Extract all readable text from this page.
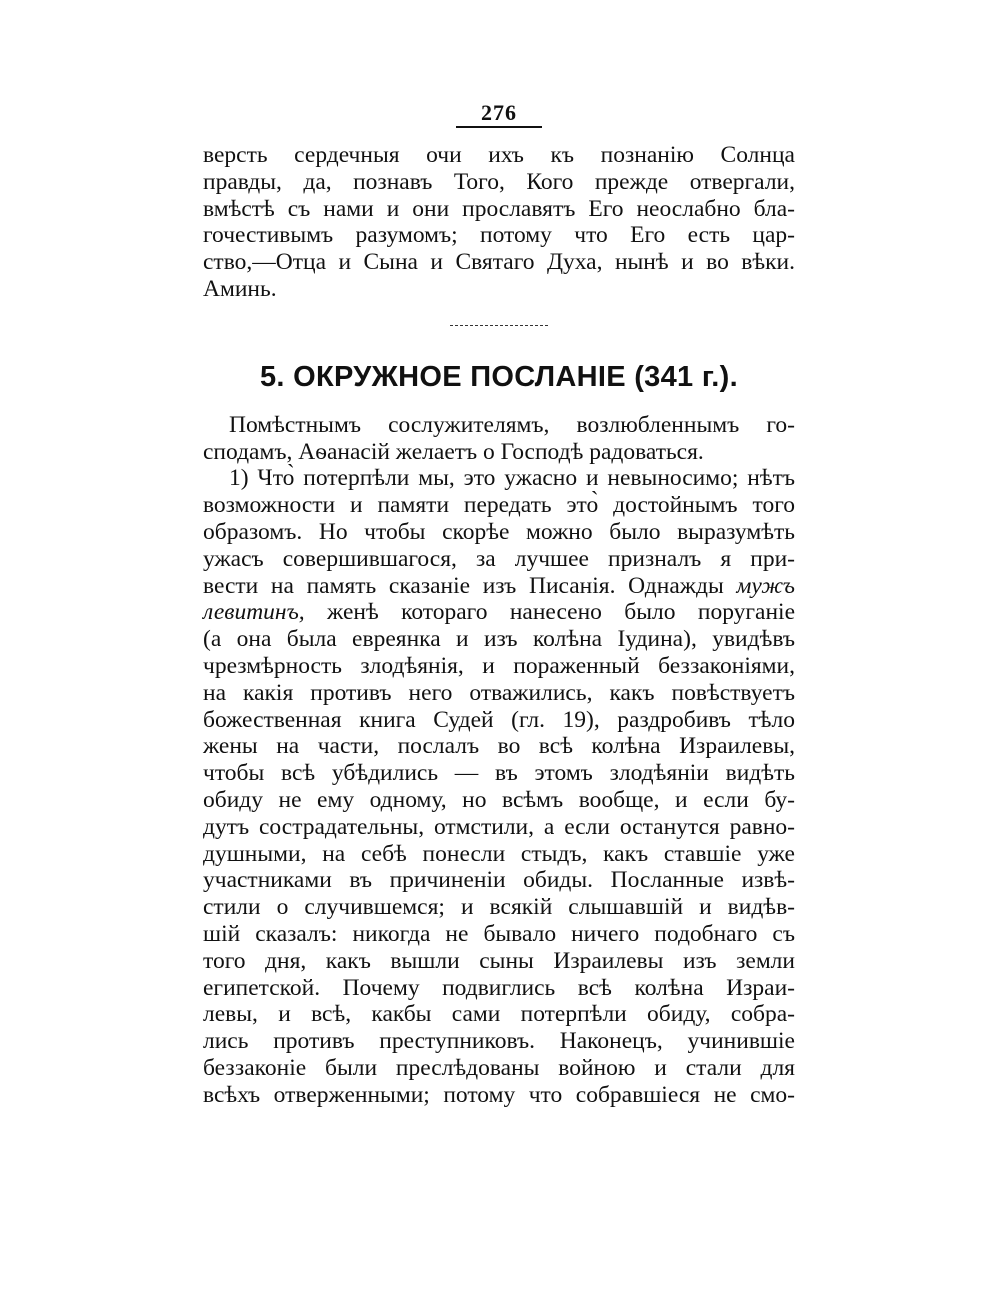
276

версть сердечныя очи ихъ къ познанію Солнца
правды, да, познавъ Того, Кого прежде отвергали,
вмѣстѣ съ нами и они прославятъ Его неослабно бла-
гочестивымъ разумомъ; потому что Его есть цар-
ство,—Отца и Сына и Святаго Духа, нынѣ и во вѣки.
Аминь.

5. ОКРУЖНОЕ ПОСЛАНІЕ (341 г.).

Помѣстнымъ сослужителямъ, возлюбленнымъ го-
сподамъ, Аѳанасій желаетъ о Господѣ радоваться.

1) Что̀ потерпѣли мы, это ужасно и невыносимо; нѣтъ
возможности и памяти передать это̀ достойнымъ того
образомъ. Но чтобы скорѣе можно было выразумѣть
ужасъ совершившагося, за лучшее призналъ я при-
вести на память сказаніе изъ Писанія. Однажды мужъ
левитинъ, женѣ котораго нанесено было поруганіе
(а она была евреянка и изъ колѣна Іудина), увидѣвъ
чрезмѣрность злодѣянія, и пораженный беззаконіями,
на какія противъ него отважились, какъ повѣствуетъ
божественная книга Судей (гл. 19), раздробивъ тѣло
жены на части, послалъ во всѣ колѣна Израилевы,
чтобы всѣ убѣдились — въ этомъ злодѣяніи видѣть
обиду не ему одному, но всѣмъ вообще, и если бу-
дутъ сострадательны, отмстили, а если останутся равно-
душными, на себѣ понесли стыдъ, какъ ставшіе уже
участниками въ причиненіи обиды. Посланные извѣ-
стили о случившемся; и всякій слышавшій и видѣв-
шій сказалъ: никогда не бывало ничего подобнаго съ
того дня, какъ вышли сыны Израилевы изъ земли
египетской. Почему подвиглись всѣ колѣна Израи-
левы, и всѣ, какбы сами потерпѣли обиду, собра-
лись противъ преступниковъ. Наконецъ, учинившіе
беззаконіе были преслѣдованы войною и стали для
всѣхъ отверженными; потому что собравшіеся не смо-
